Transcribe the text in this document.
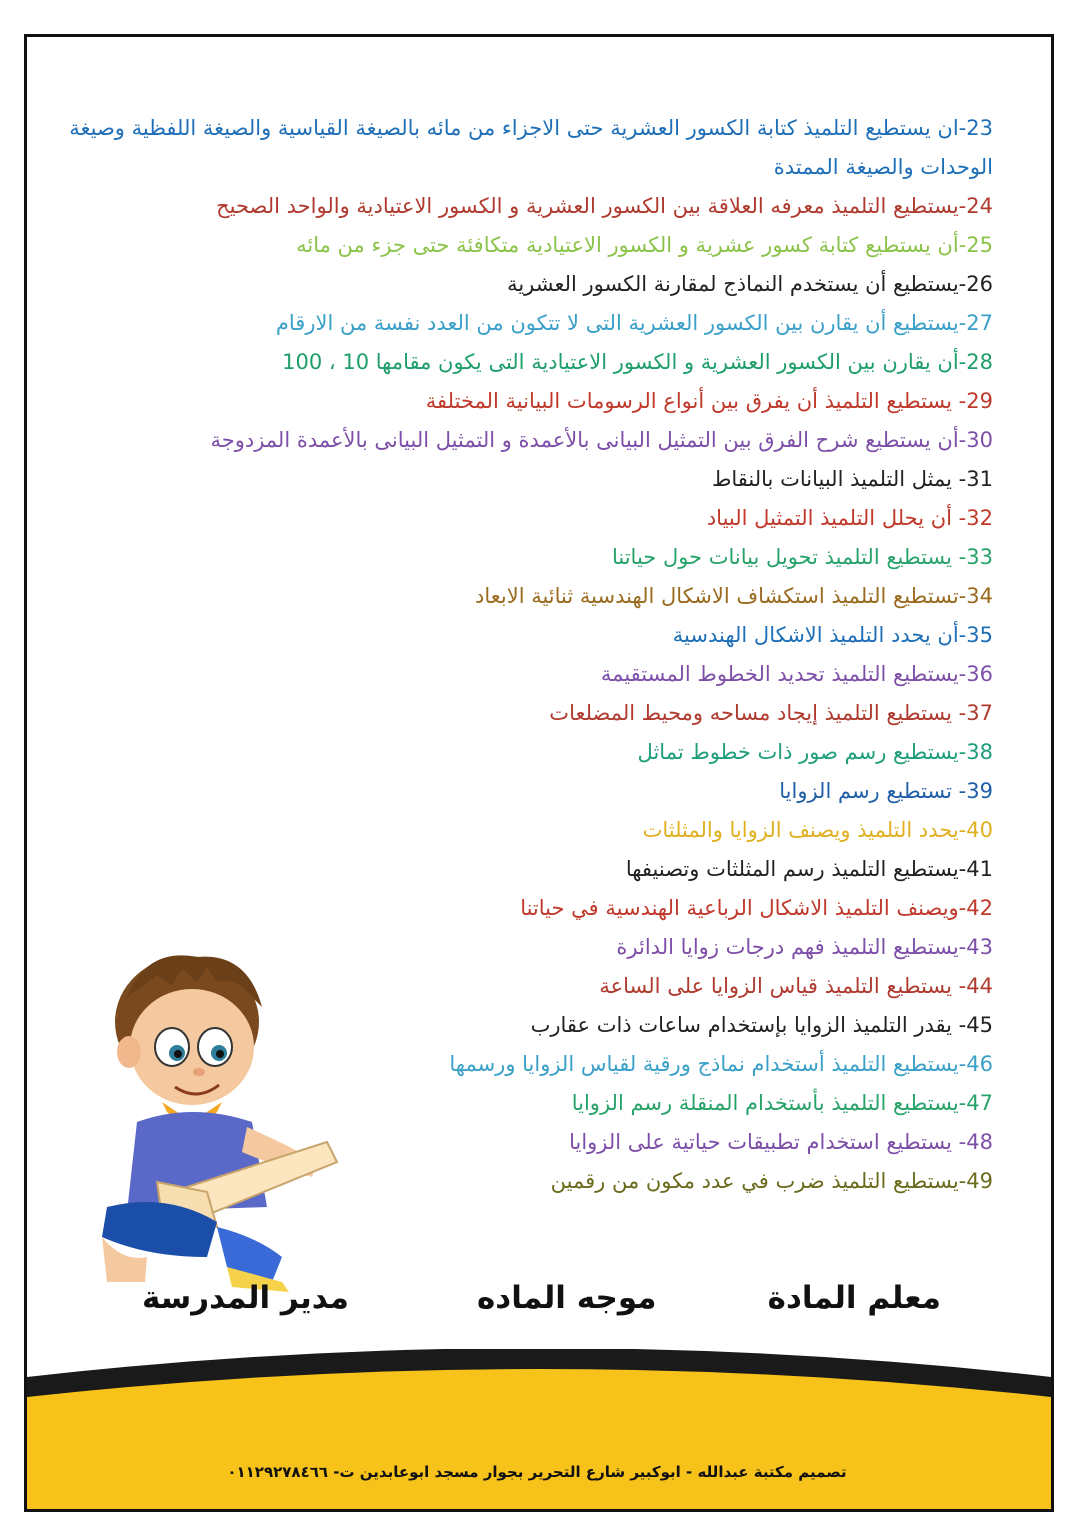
23-ان يستطيع التلميذ كتابة الكسور العشرية حتى الاجزاء من مائه بالصيغة القياسية والصيغة اللفظية وصيغة الوحدات والصيغة الممتدة
24-يستطيع التلميذ معرفه العلاقة بين الكسور العشرية و الكسور الاعتيادية والواحد الصحيح
25-أن يستطيع كتابة كسور عشرية و الكسور الاعتيادية متكافئة حتى جزء من مائه
26-يستطيع أن يستخدم النماذج لمقارنة الكسور العشرية
27-يستطيع أن يقارن بين الكسور العشرية التى لا تتكون من العدد نفسة من الارقام
28-أن يقارن بين الكسور العشرية و الكسور الاعتيادية التى يكون مقامها 10 ، 100
29- يستطيع التلميذ أن يفرق بين أنواع الرسومات البيانية المختلفة
30-أن يستطيع شرح الفرق بين التمثيل البيانى بالأعمدة و التمثيل البيانى بالأعمدة المزدوجة
31- يمثل التلميذ البيانات بالنقاط
32- أن يحلل التلميذ التمثيل البياد
33- يستطيع التلميذ تحويل بيانات حول حياتنا
34-تستطيع التلميذ استكشاف الاشكال الهندسية ثنائية الابعاد
35-أن يحدد التلميذ الاشكال الهندسية
36-يستطيع التلميذ تحديد الخطوط المستقيمة
37- يستطيع التلميذ إيجاد مساحه ومحيط المضلعات
38-يستطيع رسم صور ذات خطوط تماثل
39- تستطيع رسم الزوايا
40-يحدد التلميذ ويصنف الزوايا والمثلثات
41-يستطيع التلميذ رسم المثلثات وتصنيفها
42-ويصنف التلميذ الاشكال الرباعية الهندسية في حياتنا
43-يستطيع التلميذ فهم درجات زوايا الدائرة
44- يستطيع التلميذ قياس الزوايا على الساعة
45- يقدر التلميذ الزوايا بإستخدام ساعات ذات عقارب
46-يستطيع التلميذ أستخدام نماذج ورقية لقياس الزوايا ورسمها
47-يستطيع التلميذ بأستخدام المنقلة رسم الزوايا
48- يستطيع استخدام تطبيقات حياتية على الزوايا
49-يستطيع التلميذ ضرب في عدد مكون من رقمين
معلم المادة
موجه الماده
مدير المدرسة
تصميم مكتبة عبدالله - ابوكبير شارع التحرير بجوار مسجد ابوعابدين ت- ٠١١٢٩٢٧٨٤٦٦
